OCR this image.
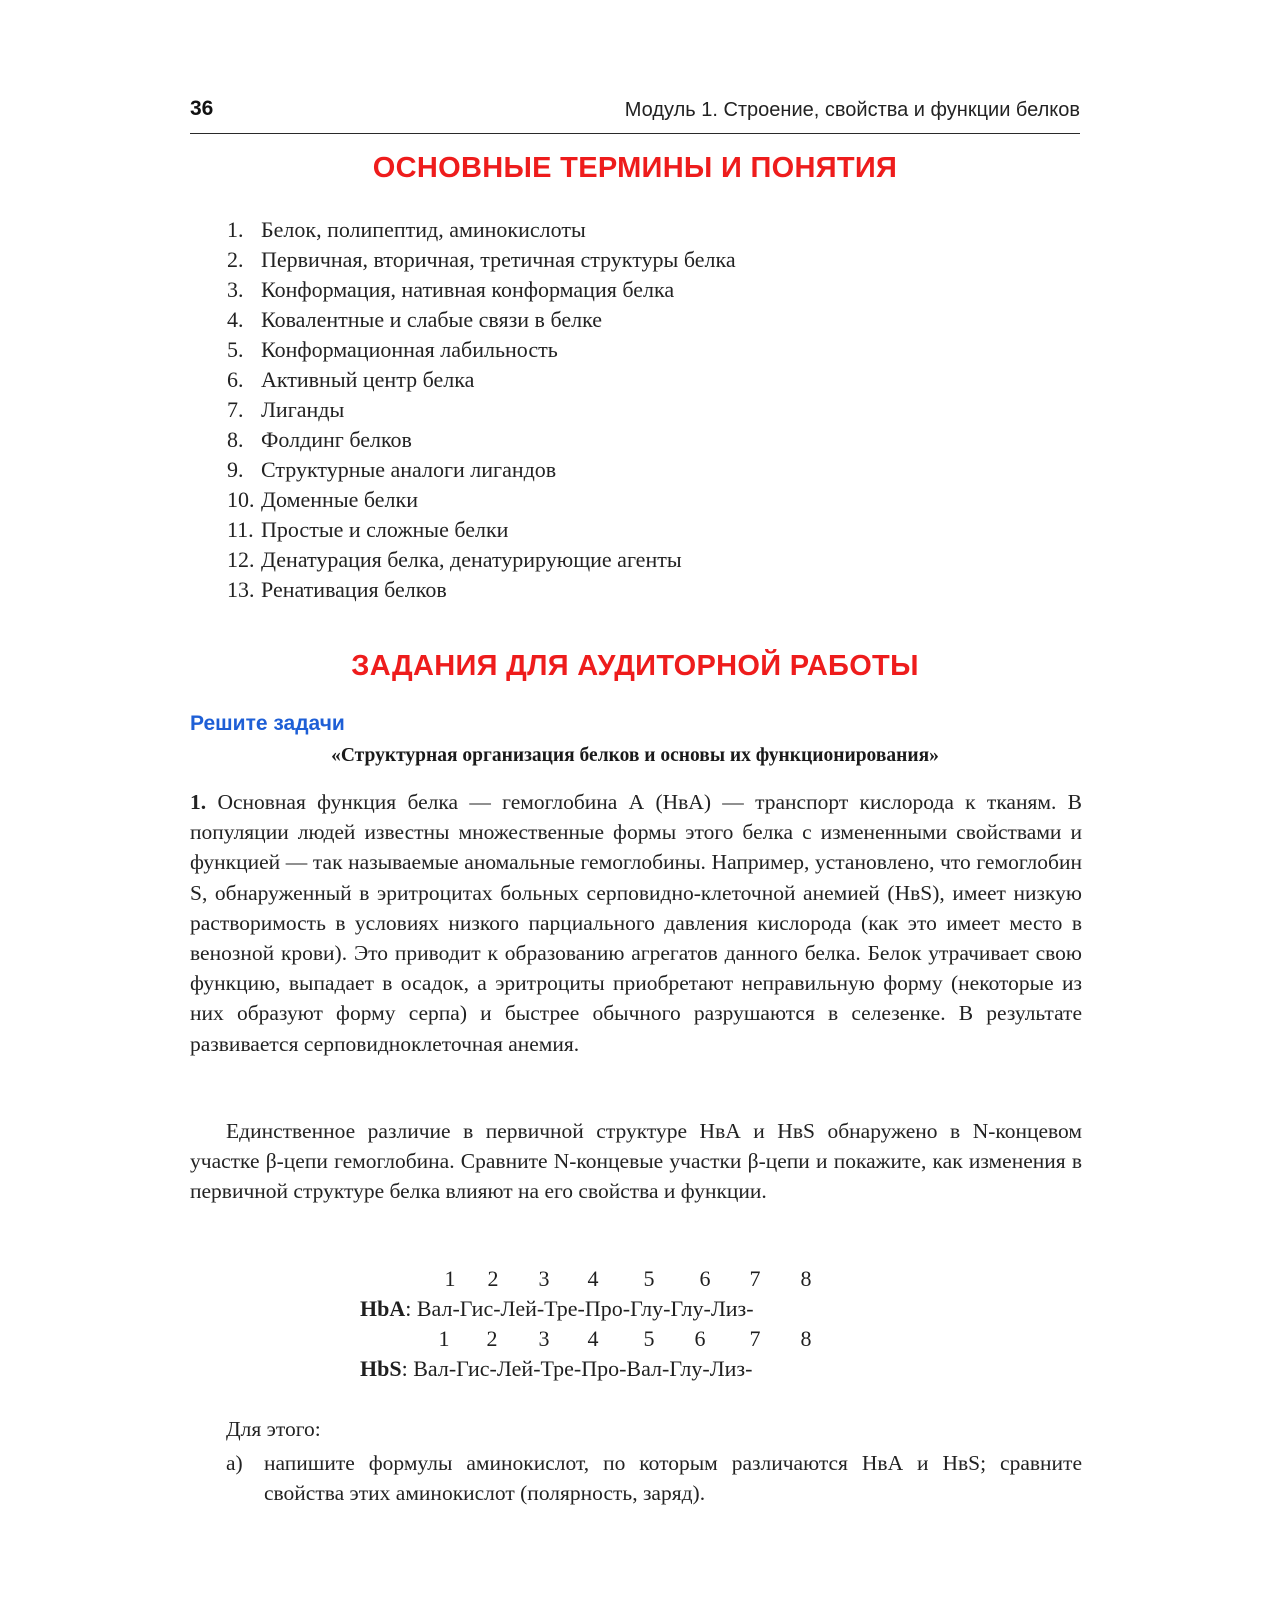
36	Модуль 1. Строение, свойства и функции белков
ОСНОВНЫЕ ТЕРМИНЫ И ПОНЯТИЯ
1. Белок, полипептид, аминокислоты
2. Первичная, вторичная, третичная структуры белка
3. Конформация, нативная конформация белка
4. Ковалентные и слабые связи в белке
5. Конформационная лабильность
6. Активный центр белка
7. Лиганды
8. Фолдинг белков
9. Структурные аналоги лигандов
10. Доменные белки
11. Простые и сложные белки
12. Денатурация белка, денатурирующие агенты
13. Ренативация белков
ЗАДАНИЯ ДЛЯ АУДИТОРНОЙ РАБОТЫ
Решите задачи
«Структурная организация белков и основы их функционирования»

1. Основная функция белка — гемоглобина А (HвА) — транспорт кислорода к тканям. В популяции людей известны множественные формы этого белка с измененными свойствами и функцией — так называемые аномальные гемоглобины. Например, установлено, что гемоглобин S, обнаруженный в эритроцитах больных серповидно-клеточной анемией (HвS), имеет низкую растворимость в условиях низкого парциального давления кислорода (как это имеет место в венозной крови). Это приводит к образованию агрегатов данного белка. Белок утрачивает свою функцию, выпадает в осадок, а эритроциты приобретают неправильную форму (некоторые из них образуют форму серпа) и быстрее обычного разрушаются в селезенке. В результате развивается серповидноклеточная анемия.

Единственное различие в первичной структуре HвА и HвS обнаружено в N-концевом участке β-цепи гемоглобина. Сравните N-концевые участки β-цепи и покажите, как изменения в первичной структуре белка влияют на его свойства и функции.

1 2 3 4 5 6 7 8
HbA: Вал-Гис-Лей-Тре-Про-Глу-Глу-Лиз-
1 2 3 4 5 6 7 8
HbS: Вал-Гис-Лей-Тре-Про-Вал-Глу-Лиз-
Для этого:
а) напишите формулы аминокислот, по которым различаются HвА и HвS; сравните свойства этих аминокислот (полярность, заряд).
